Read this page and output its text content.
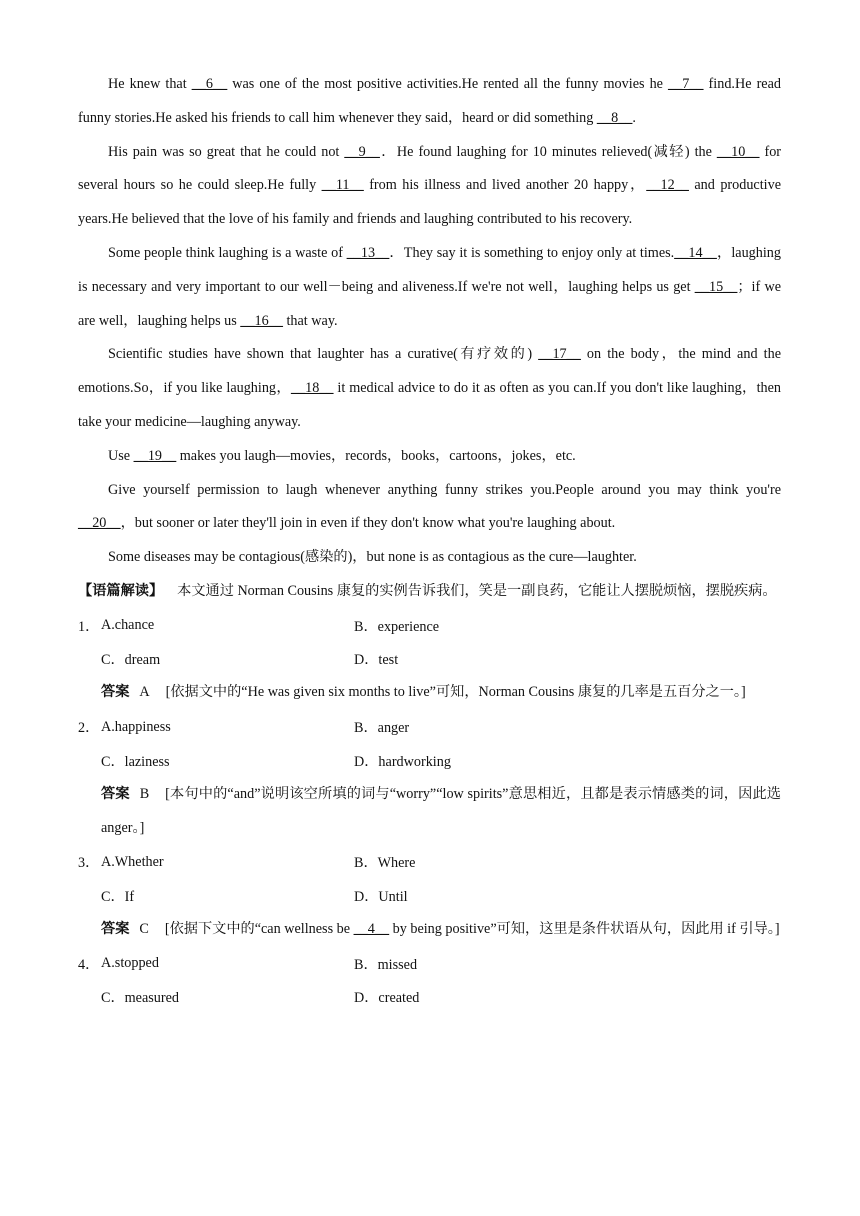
He knew that __6__ was one of the most positive activities.He rented all the funny movies he __7__ find.He read funny stories.He asked his friends to call him whenever they said，heard or did something __8__.

His pain was so great that he could not __9__．He found laughing for 10 minutes relieved(减轻) the __10__ for several hours so he could sleep.He fully __11__ from his illness and lived another 20 happy，__12__ and productive years.He believed that the love of his family and friends and laughing contributed to his recovery.

Some people think laughing is a waste of __13__．They say it is something to enjoy only at times.__14__，laughing is necessary and very important to our well－being and aliveness.If we're not well，laughing helps us get __15__；if we are well，laughing helps us __16__ that way.

Scientific studies have shown that laughter has a curative(有疗效的) __17__ on the body，the mind and the emotions.So，if you like laughing，__18__ it medical advice to do it as often as you can.If you don't like laughing，then take your medicine—laughing anyway.

Use __19__ makes you laugh—movies，records，books，cartoons，jokes，etc.

Give yourself permission to laugh whenever anything funny strikes you.People around you may think you're __20__，but sooner or later they'll join in even if they don't know what you're laughing about.

Some diseases may be contagious(感染的)，but none is as contagious as the cure—laughter.

【语篇解读】 本文通过 Norman Cousins 康复的实例告诉我们，笑是一副良药，它能让人摆脱烦恼，摆脱疾病。

1． A.chance	B．experience
C．dream	D．test

答案 A [依据文中的“He was given six months to live”可知，Norman Cousins 康复的几率是五百分之一。]

2． A.happiness	B．anger
C．laziness	D．hardworking

答案 B [本句中的“and”说明该空所填的词与“worry”“low spirits”意思相近，且都是表示情感类的词，因此选 anger。]

3． A.Whether	B．Where
C．If	D．Until

答案 C [依据下文中的“can wellness be __4__ by being positive”可知，这里是条件状语从句，因此用 if 引导。]

4． A.stopped	B．missed
C．measured	D．created
